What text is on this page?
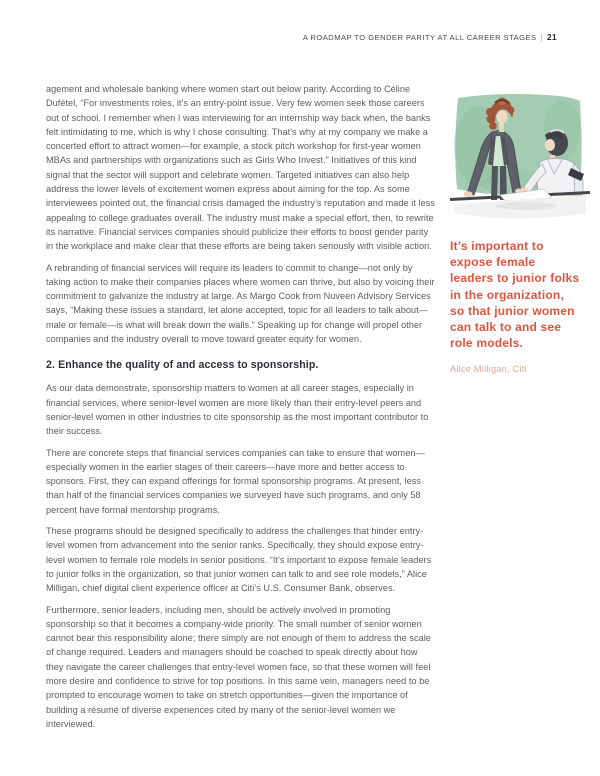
A ROADMAP TO GENDER PARITY AT ALL CAREER STAGES | 21

agement and wholesale banking where women start out below parity. According to Céline Dufétel, “For investments roles, it’s an entry-point issue. Very few women seek those careers out of school. I remember when I was interviewing for an internship way back when, the banks felt intimidating to me, which is why I chose consulting. That’s why at my company we make a concerted effort to attract women—for example, a stock pitch workshop for first-year women MBAs and partnerships with organizations such as Girls Who Invest.” Initiatives of this kind signal that the sector will support and celebrate women. Targeted initiatives can also help address the lower levels of excitement women express about aiming for the top. As some interviewees pointed out, the financial crisis damaged the industry’s reputation and made it less appealing to college graduates overall. The industry must make a special effort, then, to rewrite its narrative. Financial services companies should publicize their efforts to boost gender parity in the workplace and make clear that these efforts are being taken seriously with visible action.

A rebranding of financial services will require its leaders to commit to change—not only by taking action to make their companies places where women can thrive, but also by voicing their commitment to galvanize the industry at large. As Margo Cook from Nuveen Advisory Services says, “Making these issues a standard, let alone accepted, topic for all leaders to talk about—male or female—is what will break down the walls.” Speaking up for change will propel other companies and the industry overall to move toward greater equity for women.

2. Enhance the quality of and access to sponsorship.

As our data demonstrate, sponsorship matters to women at all career stages, especially in financial services, where senior-level women are more likely than their entry-level peers and senior-level women in other industries to cite sponsorship as the most important contributor to their success.

There are concrete steps that financial services companies can take to ensure that women—especially women in the earlier stages of their careers—have more and better access to sponsors. First, they can expand offerings for formal sponsorship programs. At present, less than half of the financial services companies we surveyed have such programs, and only 58 percent have formal mentorship programs.

These programs should be designed specifically to address the challenges that hinder entry-level women from advancement into the senior ranks. Specifically, they should expose entry-level women to female role models in senior positions. “It’s important to expose female leaders to junior folks in the organization, so that junior women can talk to and see role models,” Alice Milligan, chief digital client experience officer at Citi’s U.S. Consumer Bank, observes.

Furthermore, senior leaders, including men, should be actively involved in promoting sponsorship so that it becomes a company-wide priority. The small number of senior women cannot bear this responsibility alone; there simply are not enough of them to address the scale of change required. Leaders and managers should be coached to speak directly about how they navigate the career challenges that entry-level women face, so that these women will feel more desire and confidence to strive for top positions. In this same vein, managers need to be prompted to encourage women to take on stretch opportunities—given the importance of building a résumé of diverse experiences cited by many of the senior-level women we interviewed.

It’s important to expose female leaders to junior folks in the organization, so that junior women can talk to and see role models.
Alice Milligan, Citi
